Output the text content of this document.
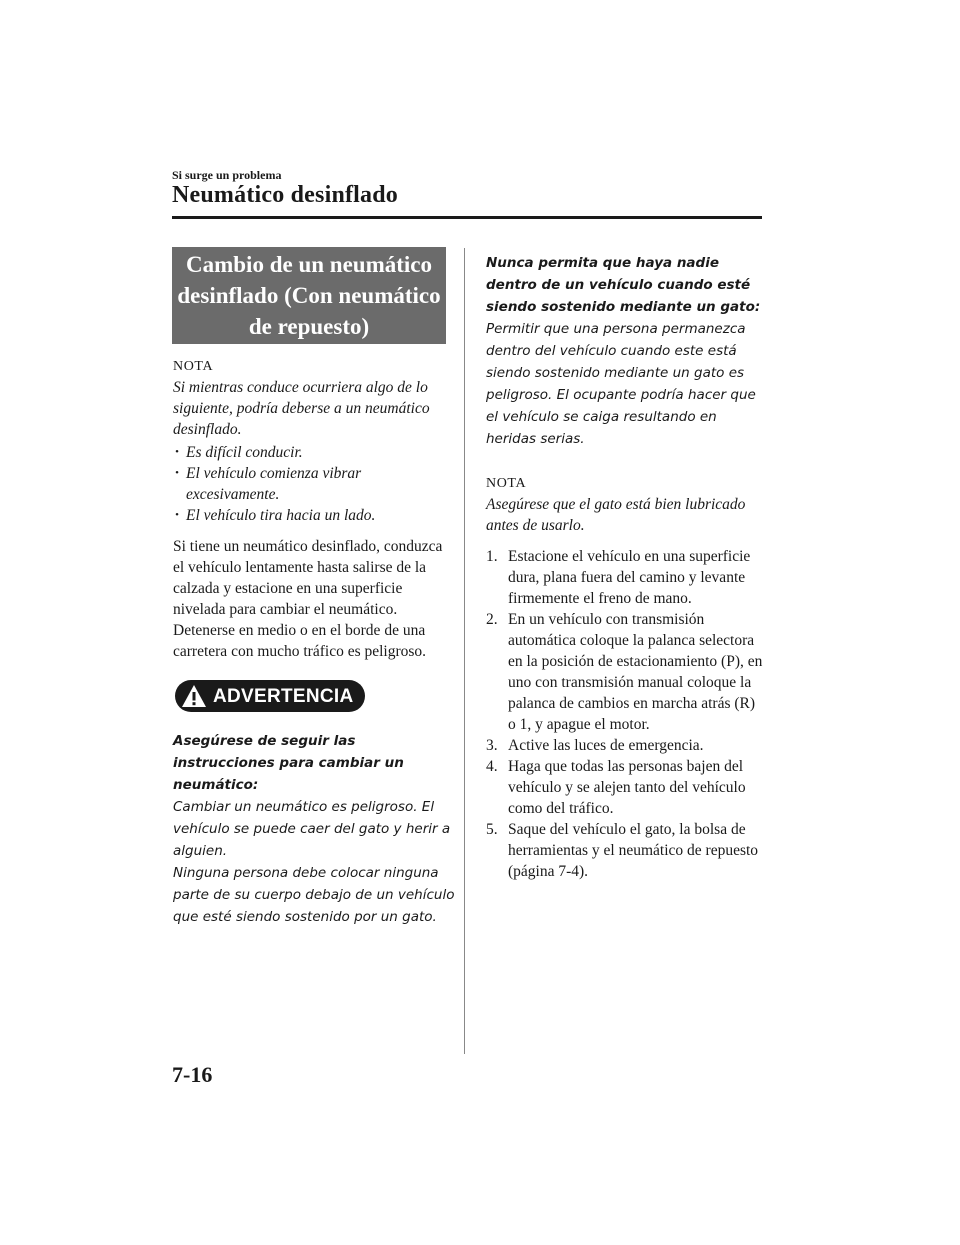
Si surge un problema
Neumático desinflado
Cambio de un neumático desinflado (Con neumático de repuesto)

NOTA

Si mientras conduce ocurriera algo de lo siguiente, podría deberse a un neumático desinflado.

• Es difícil conducir.
• El vehículo comienza vibrar excesivamente.
• El vehículo tira hacia un lado.

Si tiene un neumático desinflado, conduzca el vehículo lentamente hasta salirse de la calzada y estacione en una superficie nivelada para cambiar el neumático.

Detenerse en medio o en el borde de una carretera con mucho tráfico es peligroso.

ADVERTENCIA

Asegúrese de seguir las instrucciones para cambiar un neumático:

Cambiar un neumático es peligroso. El vehículo se puede caer del gato y herir a alguien.

Ninguna persona debe colocar ninguna parte de su cuerpo debajo de un vehículo que esté siendo sostenido por un gato.

Nunca permita que haya nadie dentro de un vehículo cuando esté siendo sostenido mediante un gato:

Permitir que una persona permanezca dentro del vehículo cuando este está siendo sostenido mediante un gato es peligroso. El ocupante podría hacer que el vehículo se caiga resultando en heridas serias.

NOTA

Asegúrese que el gato está bien lubricado antes de usarlo.

1. Estacione el vehículo en una superficie dura, plana fuera del camino y levante firmemente el freno de mano.
2. En un vehículo con transmisión automática coloque la palanca selectora en la posición de estacionamiento (P), en uno con transmisión manual coloque la palanca de cambios en marcha atrás (R) o 1, y apague el motor.
3. Active las luces de emergencia.
4. Haga que todas las personas bajen del vehículo y se alejen tanto del vehículo como del tráfico.
5. Saque del vehículo el gato, la bolsa de herramientas y el neumático de repuesto (página 7-4).
7-16
